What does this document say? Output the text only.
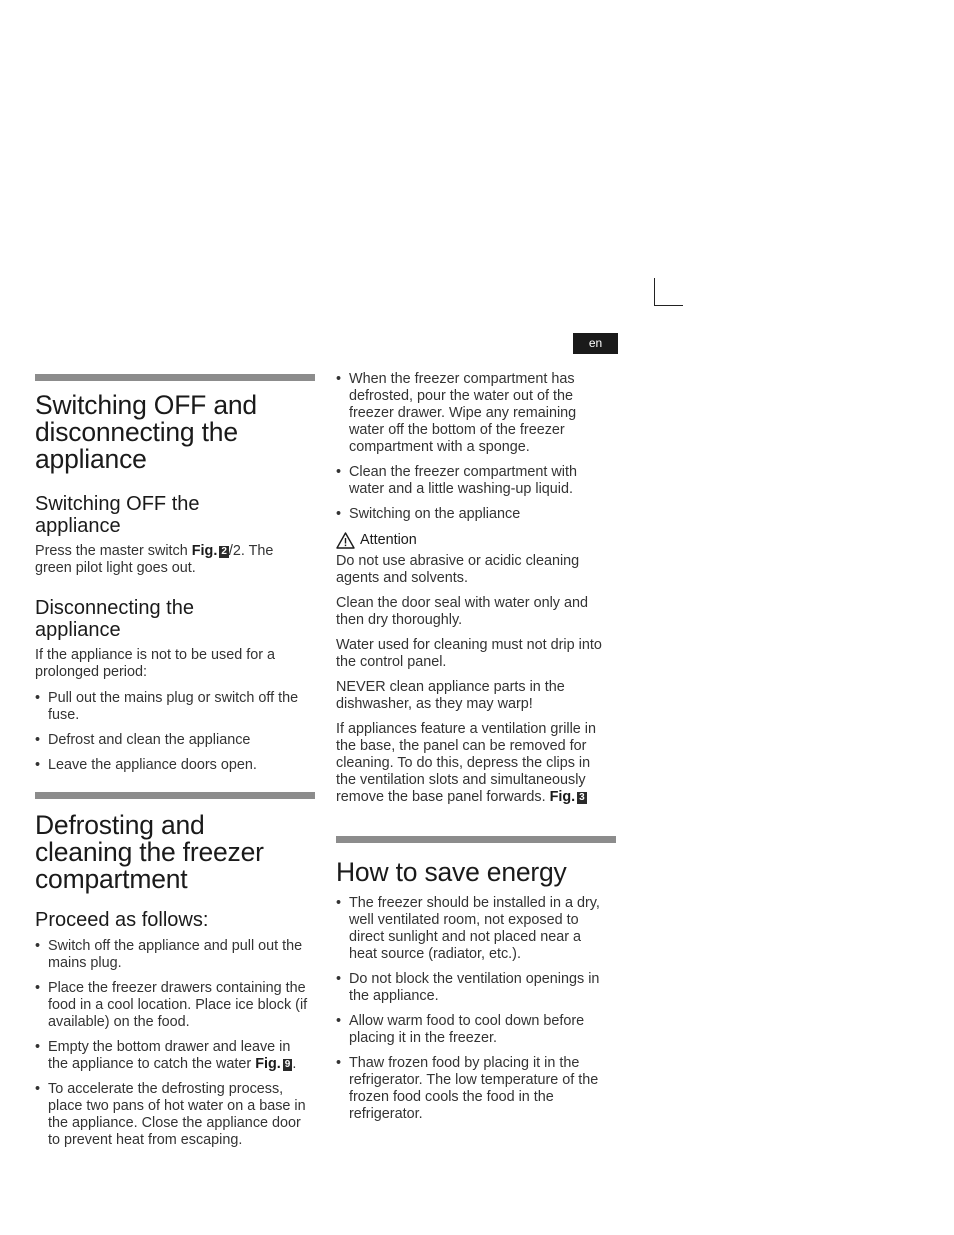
en
Switching OFF and disconnecting the appliance
Switching OFF the appliance

Press the master switch Fig. 2 /2. The green pilot light goes out.

Disconnecting the appliance

If the appliance is not to be used for a prolonged period:

• Pull out the mains plug or switch off the fuse.
• Defrost and clean the appliance
• Leave the appliance doors open.
Defrosting and cleaning the freezer compartment
Proceed as follows:
• Switch off the appliance and pull out the mains plug.
• Place the freezer drawers containing the food in a cool location. Place ice block (if available) on the food.
• Empty the bottom drawer and leave in the appliance to catch the water Fig. 9 .
• To accelerate the defrosting process, place two pans of hot water on a base in the appliance. Close the appliance door to prevent heat from escaping.
• When the freezer compartment has defrosted, pour the water out of the freezer drawer. Wipe any remaining water off the bottom of the freezer compartment with a sponge.
• Clean the freezer compartment with water and a little washing-up liquid.
• Switching on the appliance
Attention

Do not use abrasive or acidic cleaning agents and solvents.

Clean the door seal with water only and then dry thoroughly.

Water used for cleaning must not drip into the control panel.

NEVER clean appliance parts in the dishwasher, as they may warp!

If appliances feature a ventilation grille in the base, the panel can be removed for cleaning. To do this, depress the clips in the ventilation slots and simultaneously remove the base panel forwards. Fig. 3

How to save energy
• The freezer should be installed in a dry, well ventilated room, not exposed to direct sunlight and not placed near a heat source (radiator, etc.).
• Do not block the ventilation openings in the appliance.
• Allow warm food to cool down before placing it in the freezer.
• Thaw frozen food by placing it in the refrigerator. The low temperature of the frozen food cools the food in the refrigerator.
